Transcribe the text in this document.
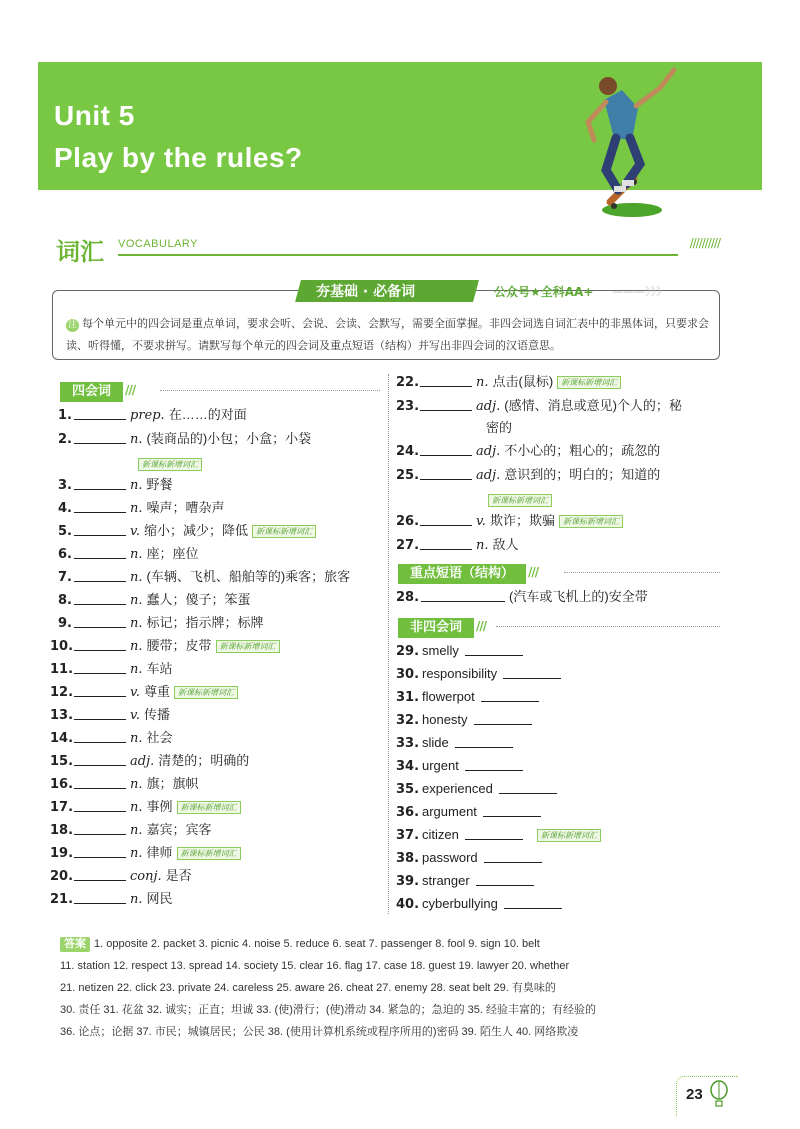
Unit 5
Play by the rules?
词汇 VOCABULARY	//////////
夯基础 · 必备词	公众号★全科AA+ ———》》》
注 每个单元中的四会词是重点单词，要求会听、会说、会读、会默写，需要全面掌握。非四会词选自词汇表中的非黑体词，只要求会读、听得懂，不要求拼写。请默写每个单元的四会词及重点短语（结构）并写出非四会词的汉语意思。
四会词 ///
1.	prep. 在……的对面
2.	n. (装商品的)小包；小盒；小袋
3.	n. 野餐
4.	n. 噪声；嘈杂声
5.	v. 缩小；减少；降低 新课标新增词汇
6.	n. 座；座位
7.	n. (车辆、飞机、船舶等的)乘客；旅客
8.	n. 蠢人；傻子；笨蛋
9.	n. 标记；指示牌；标牌
10.	n. 腰带；皮带 新课标新增词汇
11.	n. 车站
12.	v. 尊重 新课标新增词汇
13.	v. 传播
14.	n. 社会
15.	adj. 清楚的；明确的
16.	n. 旗；旗帜
17.	n. 事例 新课标新增词汇
18.	n. 嘉宾；宾客
19.	n. 律师 新课标新增词汇
20.	conj. 是否
21.	n. 网民
新课标新增词汇
22.	n. 点击(鼠标) 新课标新增词汇
23.	adj. (感情、消息或意见)个人的；秘
24.	adj. 不小心的；粗心的；疏忽的
25.	adj. 意识到的；明白的；知道的
26.	v. 欺诈；欺骗 新课标新增词汇
27.	n. 敌人
密的
新课标新增词汇
29. smelly
30. responsibility
31. flowerpot
32. honesty
33. slide
34. urgent
35. experienced
36. argument
37. citizen	新课标新增词汇
38. password
39. stranger
40. cyberbullying
重点短语（结构） ///
28.	(汽车或飞机上的)安全带
非四会词 ///
答案 1. opposite 2. packet 3. picnic 4. noise 5. reduce 6. seat 7. passenger 8. fool 9. sign 10. belt
11. station 12. respect 13. spread 14. society 15. clear 16. flag 17. case 18. guest 19. lawyer 20. whether
21. netizen 22. click 23. private 24. careless 25. aware 26. cheat 27. enemy 28. seat belt 29. 有臭味的
30. 责任 31. 花盆 32. 诚实；正直；坦诚 33. (使)滑行；(使)滑动 34. 紧急的；急迫的 35. 经验丰富的；有经验的
36. 论点；论据 37. 市民；城镇居民；公民 38. (使用计算机系统或程序所用的)密码 39. 陌生人 40. 网络欺凌
23
